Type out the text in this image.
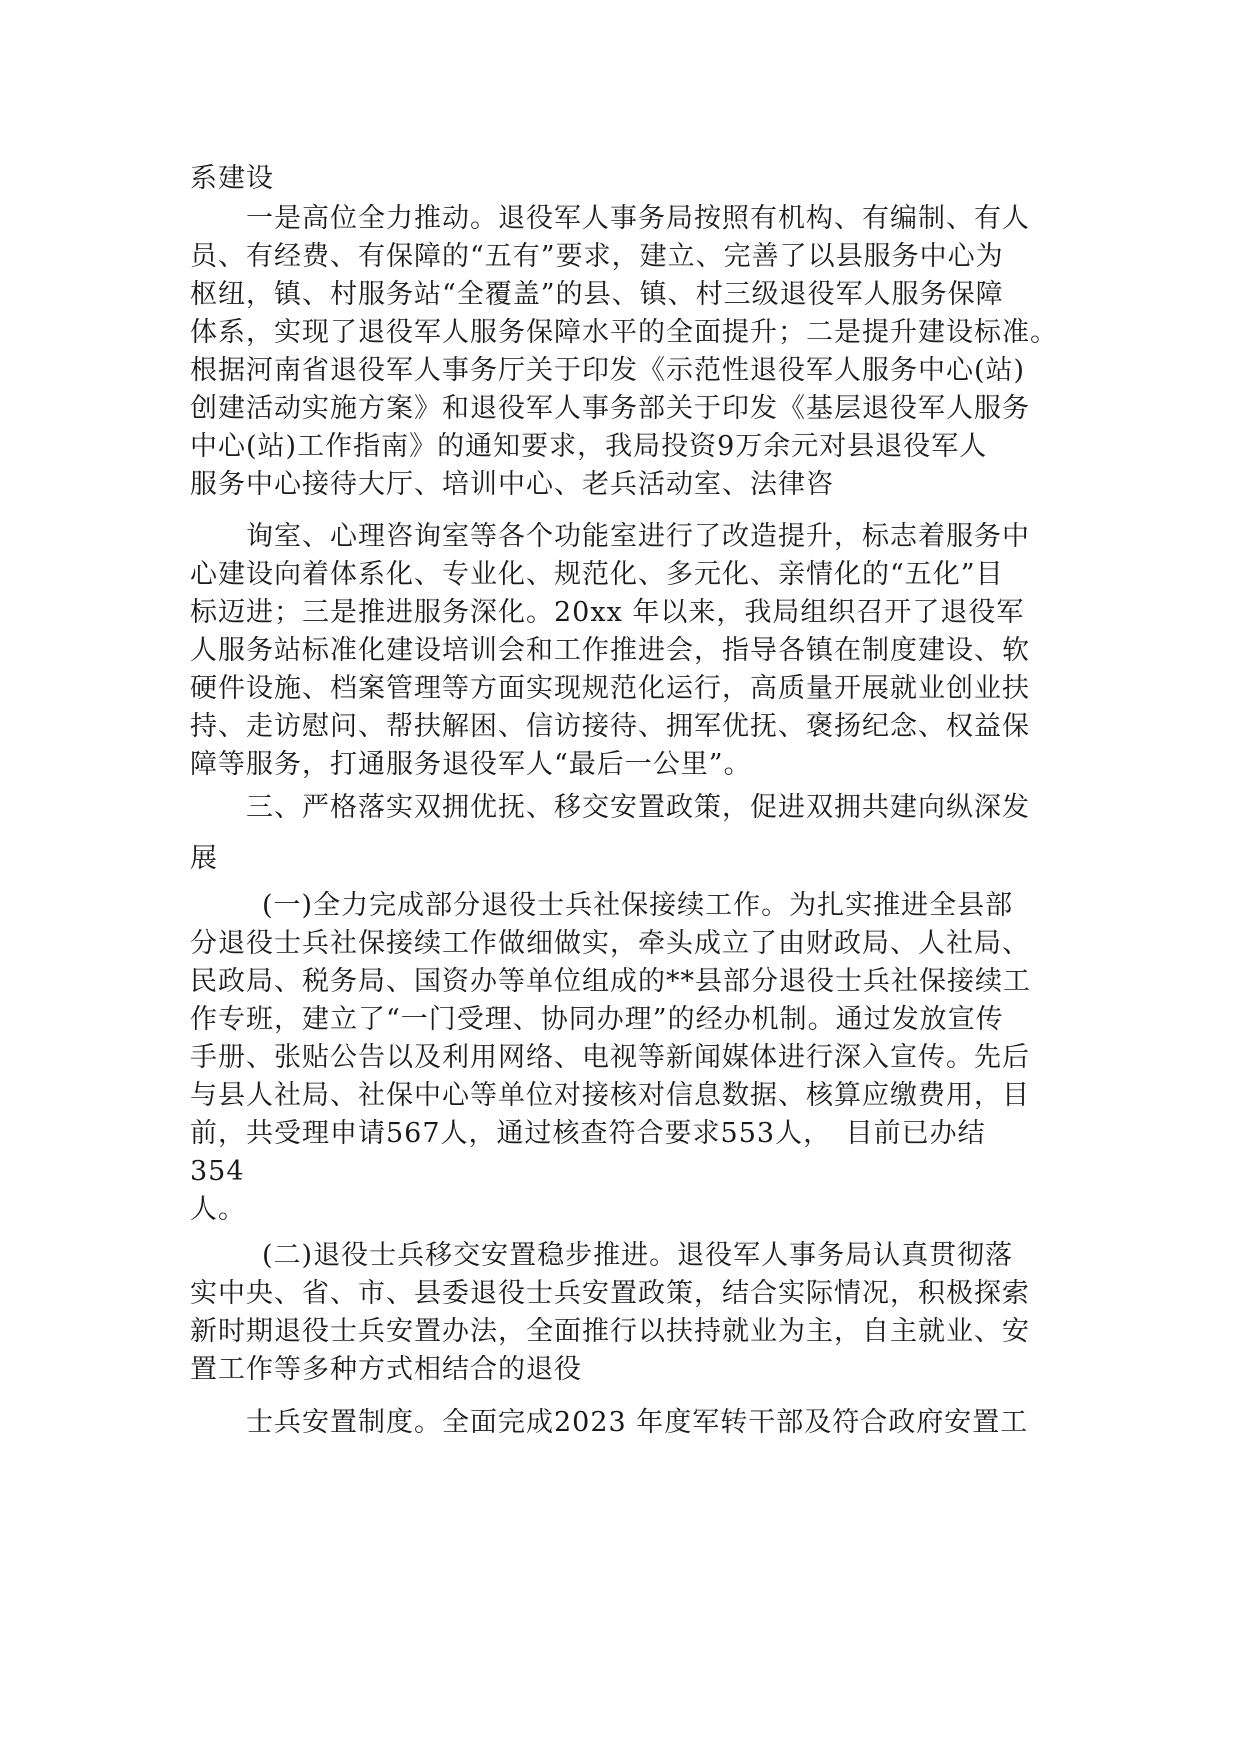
系建设
一是高位全力推动。退役军人事务局按照有机构、有编制、有人
员、有经费、有保障的“五有”要求，建立、完善了以县服务中心为
枢纽，镇、村服务站“全覆盖”的县、镇、村三级退役军人服务保障
体系，实现了退役军人服务保障水平的全面提升；二是提升建设标准。
根据河南省退役军人事务厅关于印发《示范性退役军人服务中心(站)
创建活动实施方案》和退役军人事务部关于印发《基层退役军人服务
中心(站)工作指南》的通知要求，我局投资9万余元对县退役军人
服务中心接待大厅、培训中心、老兵活动室、法律咨
询室、心理咨询室等各个功能室进行了改造提升，标志着服务中
心建设向着体系化、专业化、规范化、多元化、亲情化的“五化”目
标迈进；三是推进服务深化。20xx 年以来，我局组织召开了退役军
人服务站标准化建设培训会和工作推进会，指导各镇在制度建设、软
硬件设施、档案管理等方面实现规范化运行，高质量开展就业创业扶
持、走访慰问、帮扶解困、信访接待、拥军优抚、褒扬纪念、权益保
障等服务，打通服务退役军人“最后一公里”。
三、严格落实双拥优抚、移交安置政策，促进双拥共建向纵深发
展
(一)全力完成部分退役士兵社保接续工作。为扎实推进全县部
分退役士兵社保接续工作做细做实，牵头成立了由财政局、人社局、
民政局、税务局、国资办等单位组成的**县部分退役士兵社保接续工
作专班，建立了“一门受理、协同办理”的经办机制。通过发放宣传
手册、张贴公告以及利用网络、电视等新闻媒体进行深入宣传。先后
与县人社局、社保中心等单位对接核对信息数据、核算应缴费用，目
前，共受理申请567人，通过核查符合要求553人，　目前已办结
354
人。
(二)退役士兵移交安置稳步推进。退役军人事务局认真贯彻落
实中央、省、市、县委退役士兵安置政策，结合实际情况，积极探索
新时期退役士兵安置办法，全面推行以扶持就业为主，自主就业、安
置工作等多种方式相结合的退役
士兵安置制度。全面完成2023 年度军转干部及符合政府安置工
